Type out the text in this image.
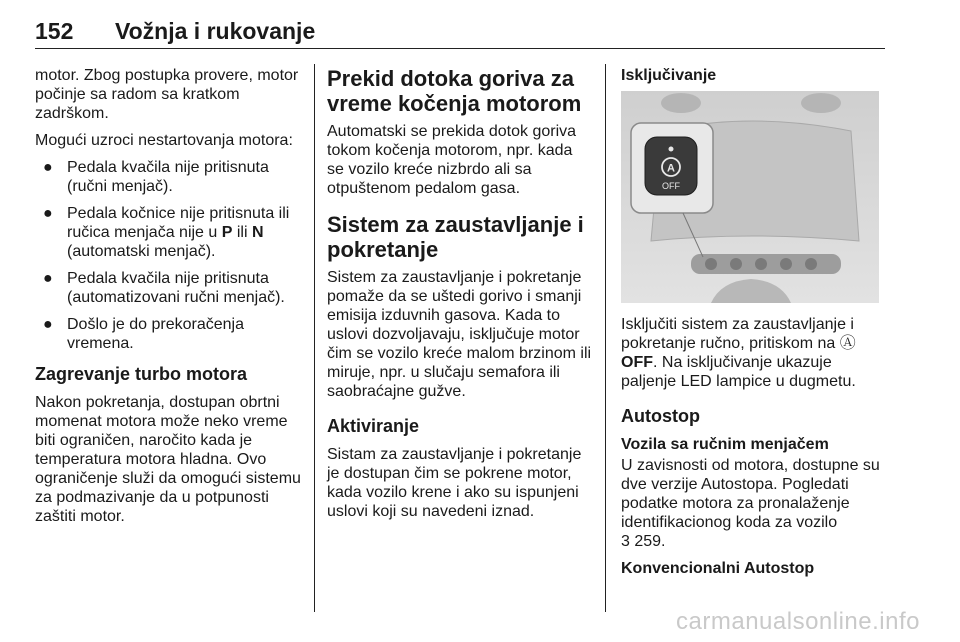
152 Vožnja i rukovanje

motor. Zbog postupka provere, motor počinje sa radom sa kratkom zadrškom.

Mogući uzroci nestartovanja motora:

● Pedala kvačila nije pritisnuta (ručni menjač).
● Pedala kočnice nije pritisnuta ili ručica menjača nije u P ili N (automatski menjač).
● Pedala kvačila nije pritisnuta (automatizovani ručni menjač).
● Došlo je do prekoračenja vremena.
Zagrevanje turbo motora

Nakon pokretanja, dostupan obrtni momenat motora može neko vreme biti ograničen, naročito kada je temperatura motora hladna. Ovo ograničenje služi da omogući sistemu za podmazivanje da u potpunosti zaštiti motor.

Prekid dotoka goriva za vreme kočenja motorom

Automatski se prekida dotok goriva tokom kočenja motorom, npr. kada se vozilo kreće nizbrdo ali sa otpuštenom pedalom gasa.

Sistem za zaustavljanje i pokretanje

Sistem za zaustavljanje i pokretanje pomaže da se uštedi gorivo i smanji emisija izduvnih gasova. Kada to uslovi dozvoljavaju, isključuje motor čim se vozilo kreće malom brzinom ili miruje, npr. u slučaju semafora ili saobraćajne gužve.

Aktiviranje

Sistam za zaustavljanje i pokretanje je dostupan čim se pokrene motor, kada vozilo krene i ako su ispunjeni uslovi koji su navedeni iznad.

Isključivanje
A
OFF

Isključiti sistem za zaustavljanje i pokretanje ručno, pritiskom na Ⓐ OFF. Na isključivanje ukazuje paljenje LED lampice u dugmetu.

Autostop
Vozila sa ručnim menjačem

U zavisnosti od motora, dostupne su dve verzije Autostopa. Pogledati podatke motora za pronalaženje identifikacionog koda za vozilo

3 259.

Konvencionalni Autostop
carmanualsonline.info
